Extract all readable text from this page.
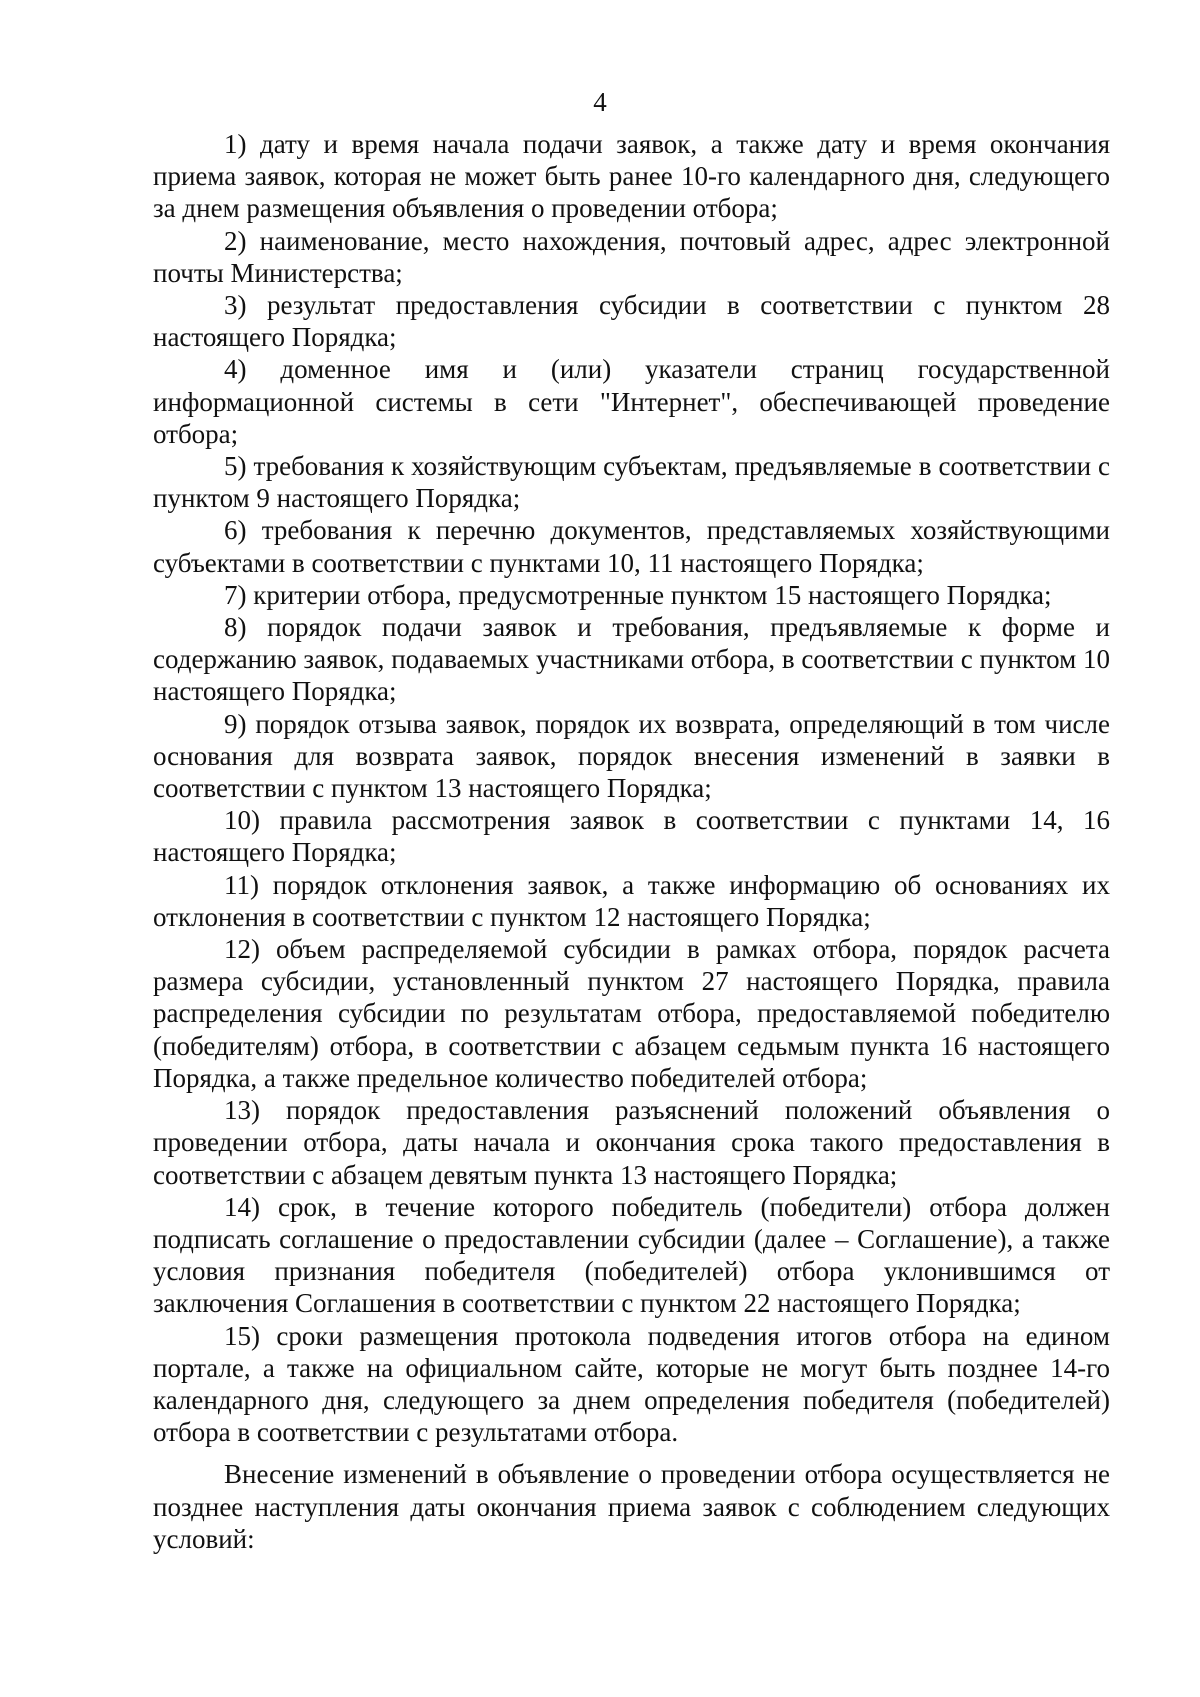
4

1) дату и время начала подачи заявок, а также дату и время окончания приема заявок, которая не может быть ранее 10-го календарного дня, следующего за днем размещения объявления о проведении отбора;

2) наименование, место нахождения, почтовый адрес, адрес электронной почты Министерства;

3) результат предоставления субсидии в соответствии с пунктом 28 настоящего Порядка;

4) доменное имя и (или) указатели страниц государственной информационной системы в сети "Интернет", обеспечивающей проведение отбора;

5) требования к хозяйствующим субъектам, предъявляемые в соответствии с пунктом 9 настоящего Порядка;

6) требования к перечню документов, представляемых хозяйствующими субъектами в соответствии с пунктами 10, 11 настоящего Порядка;

7) критерии отбора, предусмотренные пунктом 15 настоящего Порядка;

8) порядок подачи заявок и требования, предъявляемые к форме и содержанию заявок, подаваемых участниками отбора, в соответствии с пунктом 10 настоящего Порядка;

9) порядок отзыва заявок, порядок их возврата, определяющий в том числе основания для возврата заявок, порядок внесения изменений в заявки в соответствии с пунктом 13 настоящего Порядка;

10) правила рассмотрения заявок в соответствии с пунктами 14, 16 настоящего Порядка;

11) порядок отклонения заявок, а также информацию об основаниях их отклонения в соответствии с пунктом 12 настоящего Порядка;

12) объем распределяемой субсидии в рамках отбора, порядок расчета размера субсидии, установленный пунктом 27 настоящего Порядка, правила распределения субсидии по результатам отбора, предоставляемой победителю (победителям) отбора, в соответствии с абзацем седьмым пункта 16 настоящего Порядка, а также предельное количество победителей отбора;

13) порядок предоставления разъяснений положений объявления о проведении отбора, даты начала и окончания срока такого предоставления в соответствии с абзацем девятым пункта 13 настоящего Порядка;

14) срок, в течение которого победитель (победители) отбора должен подписать соглашение о предоставлении субсидии (далее – Соглашение), а также условия признания победителя (победителей) отбора уклонившимся от заключения Соглашения в соответствии с пунктом 22 настоящего Порядка;

15) сроки размещения протокола подведения итогов отбора на едином портале, а также на официальном сайте, которые не могут быть позднее 14-го календарного дня, следующего за днем определения победителя (победителей) отбора в соответствии с результатами отбора.

Внесение изменений в объявление о проведении отбора осуществляется не позднее наступления даты окончания приема заявок с соблюдением следующих условий:
